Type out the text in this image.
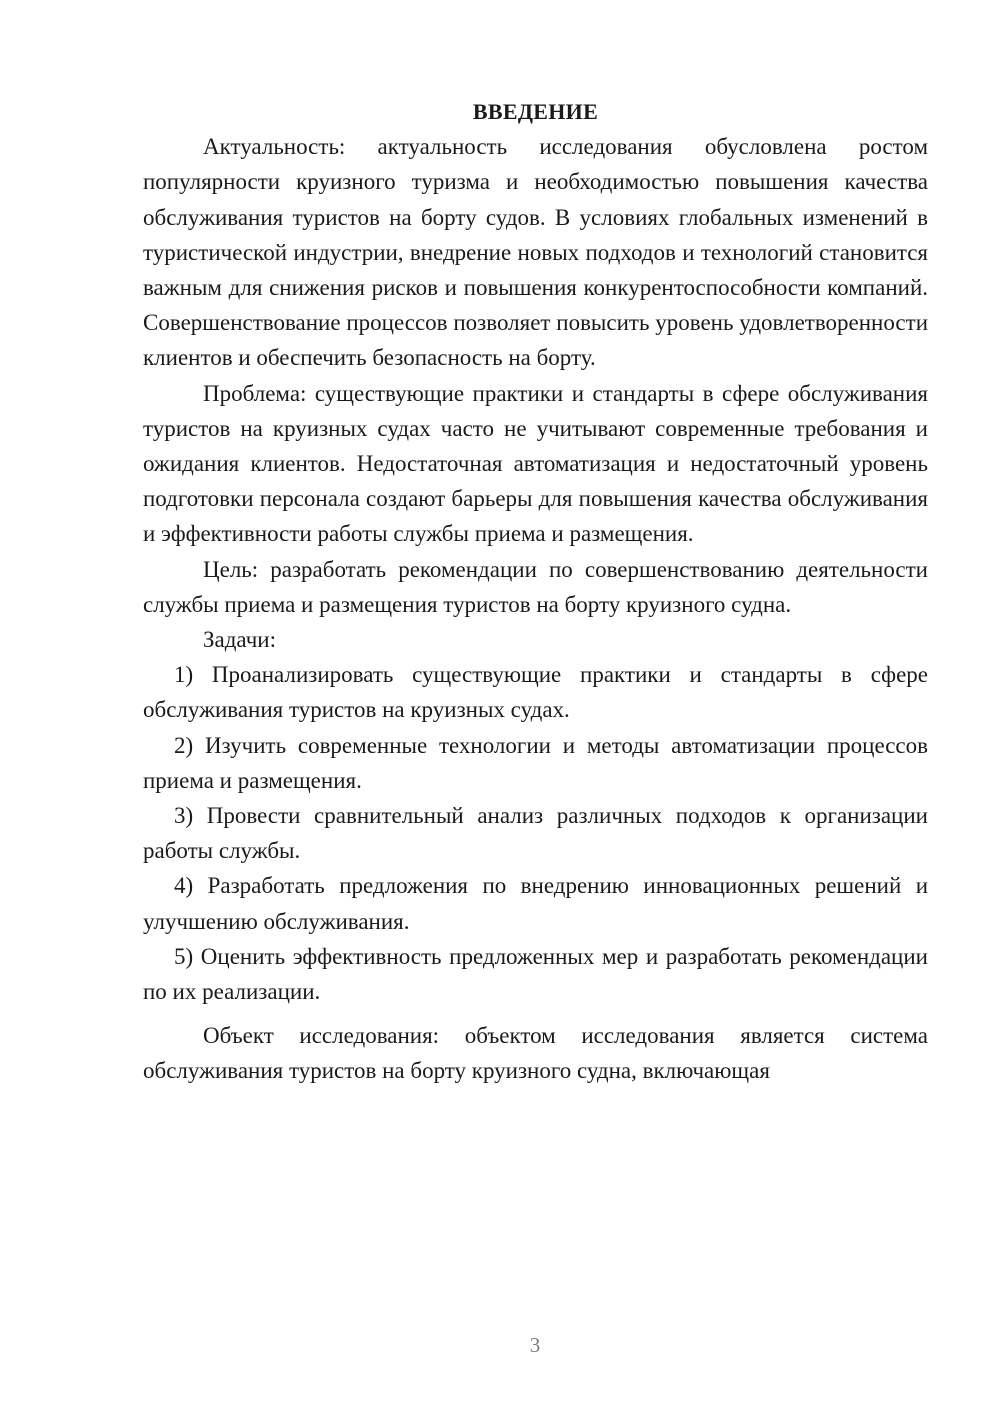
ВВЕДЕНИЕ

Актуальность: актуальность исследования обусловлена ростом популярности круизного туризма и необходимостью повышения качества обслуживания туристов на борту судов. В условиях глобальных изменений в туристической индустрии, внедрение новых подходов и технологий становится важным для снижения рисков и повышения конкурентоспособности компаний. Совершенствование процессов позволяет повысить уровень удовлетворенности клиентов и обеспечить безопасность на борту.

Проблема: существующие практики и стандарты в сфере обслуживания туристов на круизных судах часто не учитывают современные требования и ожидания клиентов. Недостаточная автоматизация и недостаточный уровень подготовки персонала создают барьеры для повышения качества обслуживания и эффективности работы службы приема и размещения.

Цель: разработать рекомендации по совершенствованию деятельности службы приема и размещения туристов на борту круизного судна.

Задачи:

1) Проанализировать существующие практики и стандарты в сфере обслуживания туристов на круизных судах.

2) Изучить современные технологии и методы автоматизации процессов приема и размещения.

3) Провести сравнительный анализ различных подходов к организации работы службы.

4) Разработать предложения по внедрению инновационных решений и улучшению обслуживания.

5) Оценить эффективность предложенных мер и разработать рекомендации по их реализации.

Объект исследования: объектом исследования является система обслуживания туристов на борту круизного судна, включающая

3
